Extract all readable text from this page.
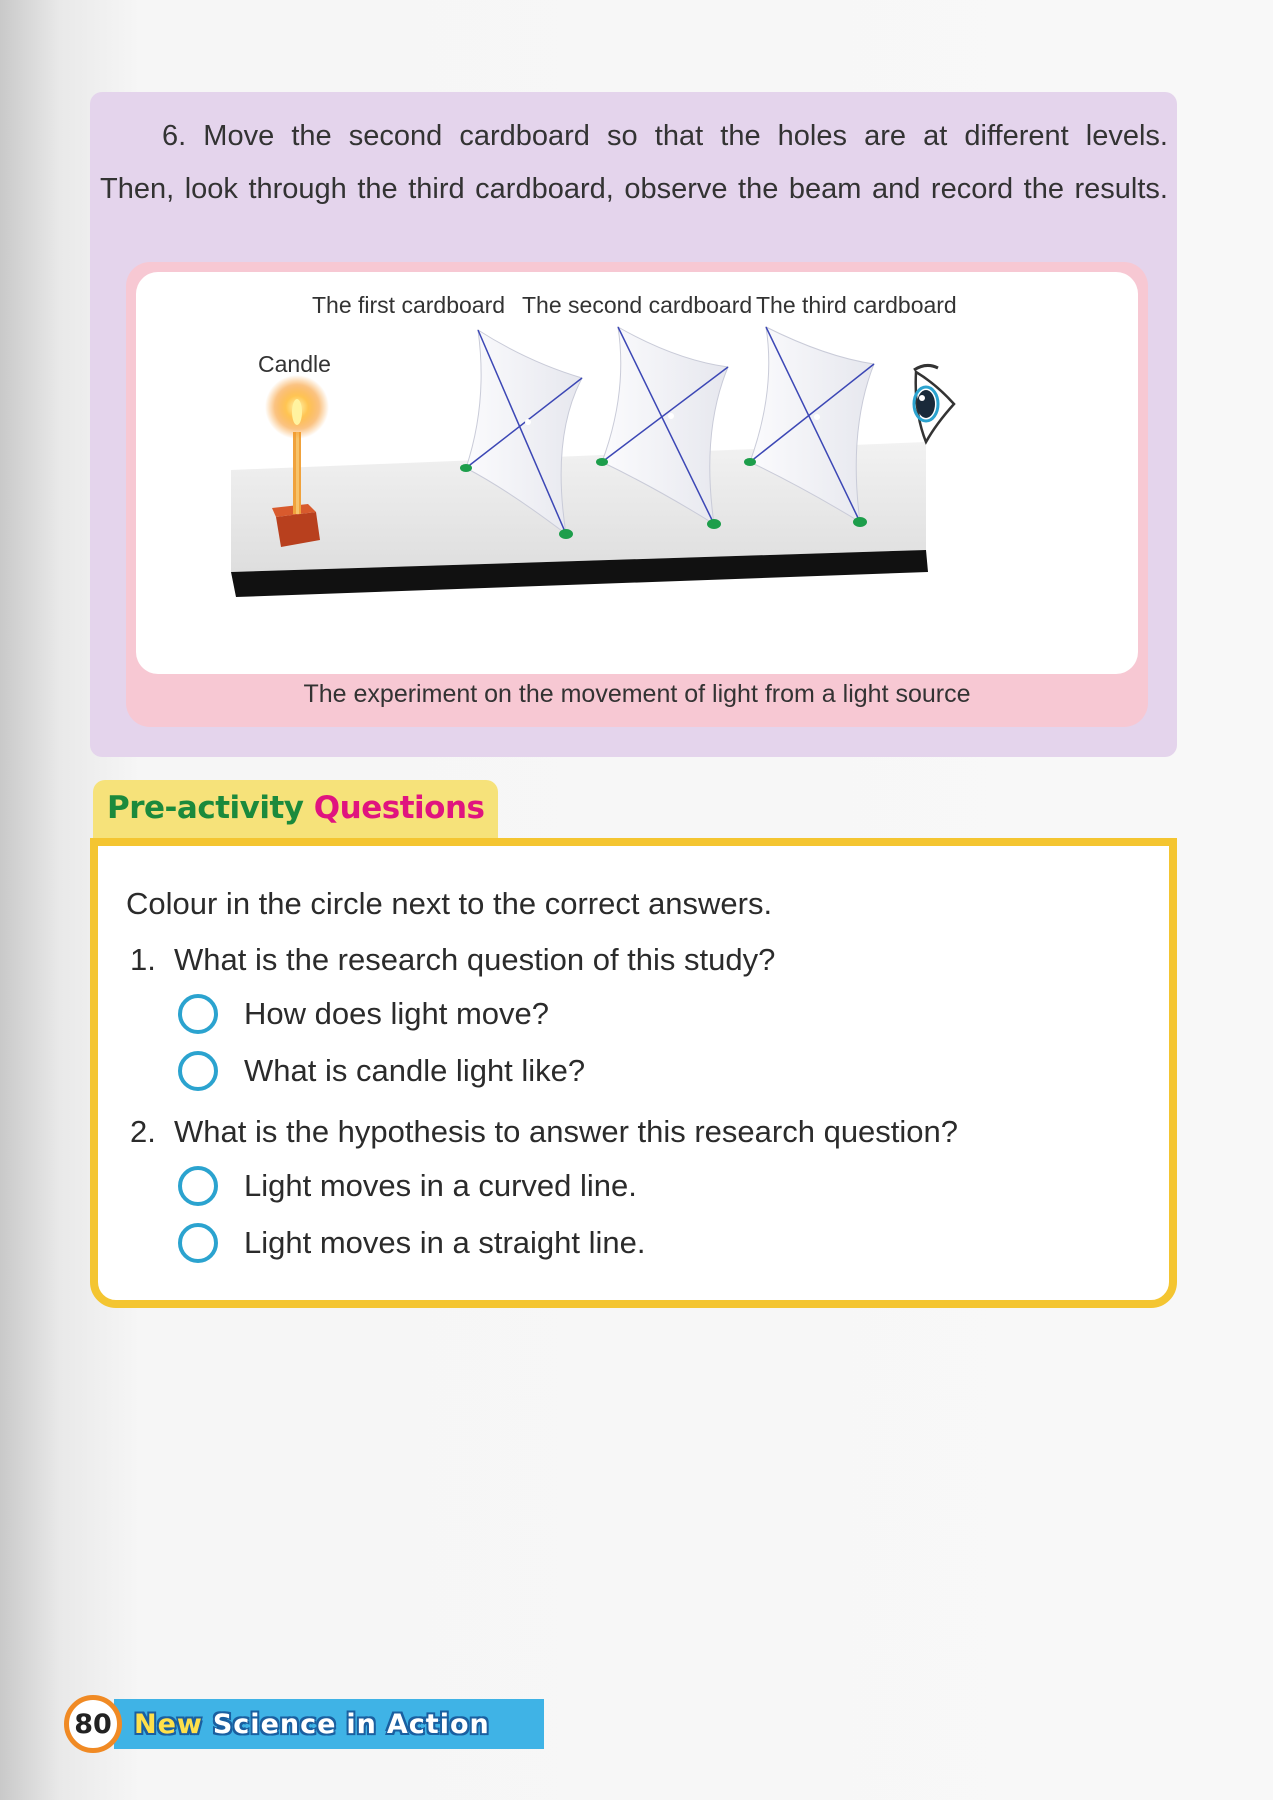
6. Move the second cardboard so that the holes are at different levels.
Then, look through the third cardboard, observe the beam and record the results.
The first cardboard The second cardboard The third cardboard
Candle
The experiment on the movement of light from a light source
Pre-activity Questions
Colour in the circle next to the correct answers.
1. What is the research question of this study?
How does light move?
What is candle light like?
2. What is the hypothesis to answer this research question?
Light moves in a curved line.
Light moves in a straight line.
80 New Science in Action
